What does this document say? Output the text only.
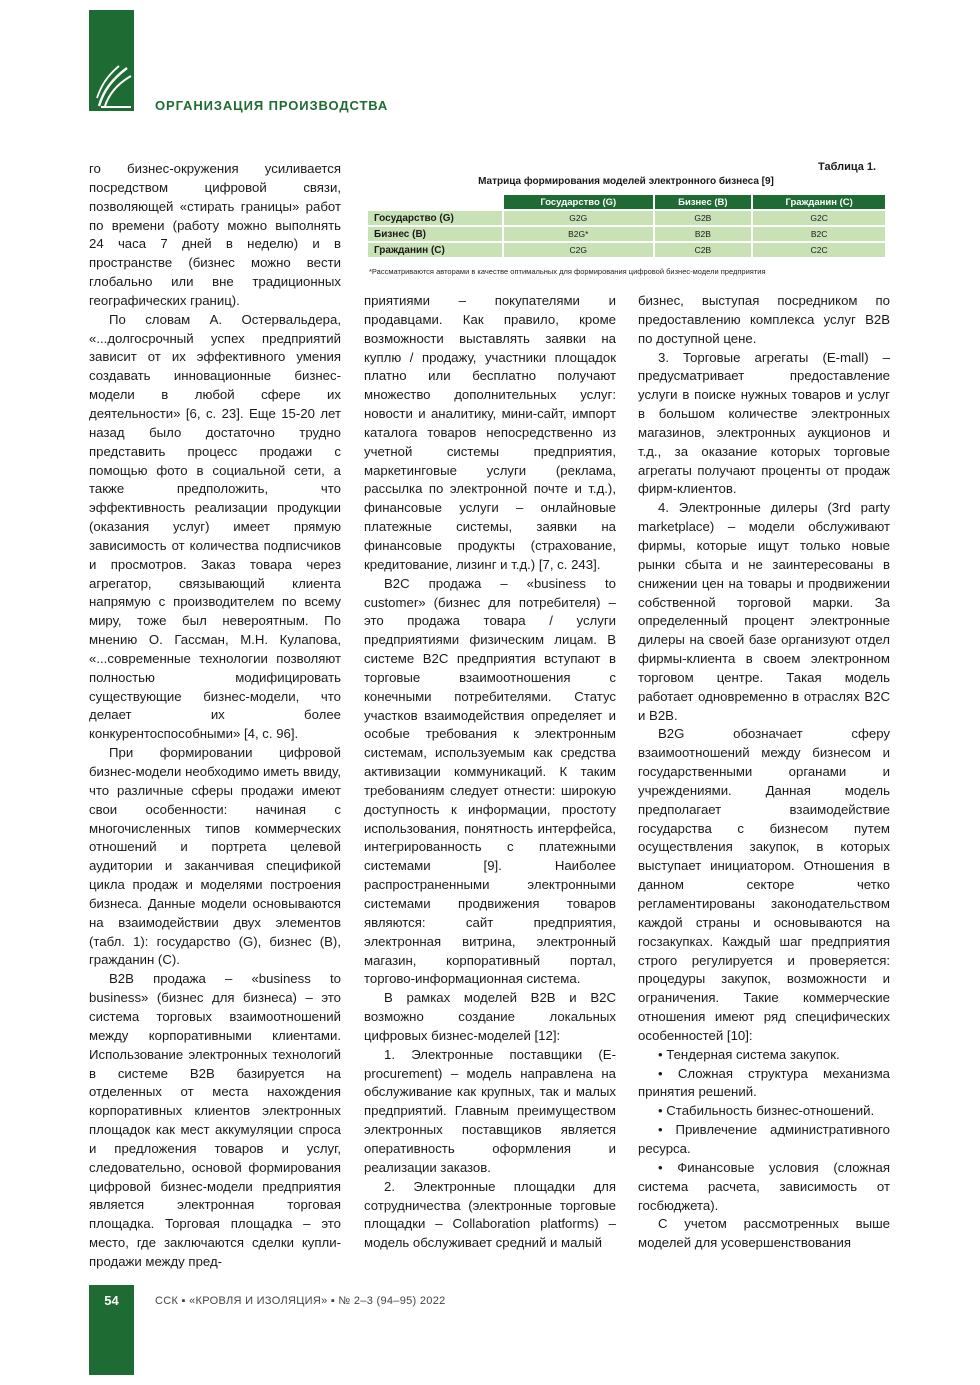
ОРГАНИЗАЦИЯ ПРОИЗВОДСТВА
Таблица 1.
Матрица формирования моделей электронного бизнеса [9]
	Государство (G)	Бизнес (B)	Гражданин (C)
Государство (G)	G2G	G2B	G2C
Бизнес (B)	B2G*	B2B	B2C
Гражданин (C)	C2G	C2B	C2C
*Рассматриваются авторами в качестве оптимальных для формирования цифровой бизнес-модели предприятия

го бизнес-окружения усиливается посредством цифровой связи, позволяющей «стирать границы» работ по времени (работу можно выполнять 24 часа 7 дней в неделю) и в пространстве (бизнес можно вести глобально или вне традиционных географических границ).

По словам А. Остервальдера, «...долгосрочный успех предприятий зависит от их эффективного умения создавать инновационные бизнес-модели в любой сфере их деятельности» [6, с. 23]. Еще 15-20 лет назад было достаточно трудно представить процесс продажи с помощью фото в социальной сети, а также предположить, что эффективность реализации продукции (оказания услуг) имеет прямую зависимость от количества подписчиков и просмотров. Заказ товара через агрегатор, связывающий клиента напрямую с производителем по всему миру, тоже был невероятным. По мнению О. Гассман, М.Н. Кулапова, «...современные технологии позволяют полностью модифицировать существующие бизнес-модели, что делает их более конкурентоспособными» [4, с. 96].

При формировании цифровой бизнес-модели необходимо иметь ввиду, что различные сферы продажи имеют свои особенности: начиная с многочисленных типов коммерческих отношений и портрета целевой аудитории и заканчивая спецификой цикла продаж и моделями построения бизнеса. Данные модели основываются на взаимодействии двух элементов (табл. 1): государство (G), бизнес (B), гражданин (C).

B2B продажа – «business to business» (бизнес для бизнеса) – это система торговых взаимоотношений между корпоративными клиентами. Использование электронных технологий в системе B2B базируется на отделенных от места нахождения корпоративных клиентов электронных площадок как мест аккумуляции спроса и предложения товаров и услуг, следовательно, основой формирования цифровой бизнес-модели предприятия является электронная торговая площадка. Торговая площадка – это место, где заключаются сделки купли-продажи между пред-

приятиями – покупателями и продавцами. Как правило, кроме возможности выставлять заявки на куплю / продажу, участники площадок платно или бесплатно получают множество дополнительных услуг: новости и аналитику, мини-сайт, импорт каталога товаров непосредственно из учетной системы предприятия, маркетинговые услуги (реклама, рассылка по электронной почте и т.д.), финансовые услуги – онлайновые платежные системы, заявки на финансовые продукты (страхование, кредитование, лизинг и т.д.) [7, с. 243].

B2C продажа – «business to customer» (бизнес для потребителя) – это продажа товара / услуги предприятиями физическим лицам. В системе B2C предприятия вступают в торговые взаимоотношения с конечными потребителями. Статус участков взаимодействия определяет и особые требования к электронным системам, используемым как средства активизации коммуникаций. К таким требованиям следует отнести: широкую доступность к информации, простоту использования, понятность интерфейса, интегрированность с платежными системами [9]. Наиболее распространенными электронными системами продвижения товаров являются: сайт предприятия, электронная витрина, электронный магазин, корпоративный портал, торгово-информационная система.

В рамках моделей B2B и B2C возможно создание локальных цифровых бизнес-моделей [12]:

1. Электронные поставщики (E-procurement) – модель направлена на обслуживание как крупных, так и малых предприятий. Главным преимуществом электронных поставщиков является оперативность оформления и реализации заказов.

2. Электронные площадки для сотрудничества (электронные торговые площадки – Collaboration platforms) – модель обслуживает средний и малый

бизнес, выступая посредником по предоставлению комплекса услуг B2B по доступной цене.

3. Торговые агрегаты (E-mall) – предусматривает предоставление услуги в поиске нужных товаров и услуг в большом количестве электронных магазинов, электронных аукционов и т.д., за оказание которых торговые агрегаты получают проценты от продаж фирм-клиентов.

4. Электронные дилеры (3rd party marketplace) – модели обслуживают фирмы, которые ищут только новые рынки сбыта и не заинтересованы в снижении цен на товары и продвижении собственной торговой марки. За определенный процент электронные дилеры на своей базе организуют отдел фирмы-клиента в своем электронном торговом центре. Такая модель работает одновременно в отраслях B2C и B2B.

B2G обозначает сферу взаимоотношений между бизнесом и государственными органами и учреждениями. Данная модель предполагает взаимодействие государства с бизнесом путем осуществления закупок, в которых выступает инициатором. Отношения в данном секторе четко регламентированы законодательством каждой страны и основываются на госзакупках. Каждый шаг предприятия строго регулируется и проверяется: процедуры закупок, возможности и ограничения. Такие коммерческие отношения имеют ряд специфических особенностей [10]:

• Тендерная система закупок.

• Сложная структура механизма принятия решений.

• Стабильность бизнес-отношений.

• Привлечение административного ресурса.

• Финансовые условия (сложная система расчета, зависимость от госбюджета).

С учетом рассмотренных выше моделей для усовершенствования

54	ССК ▪ «КРОВЛЯ И ИЗОЛЯЦИЯ» ▪ № 2–3 (94–95) 2022
